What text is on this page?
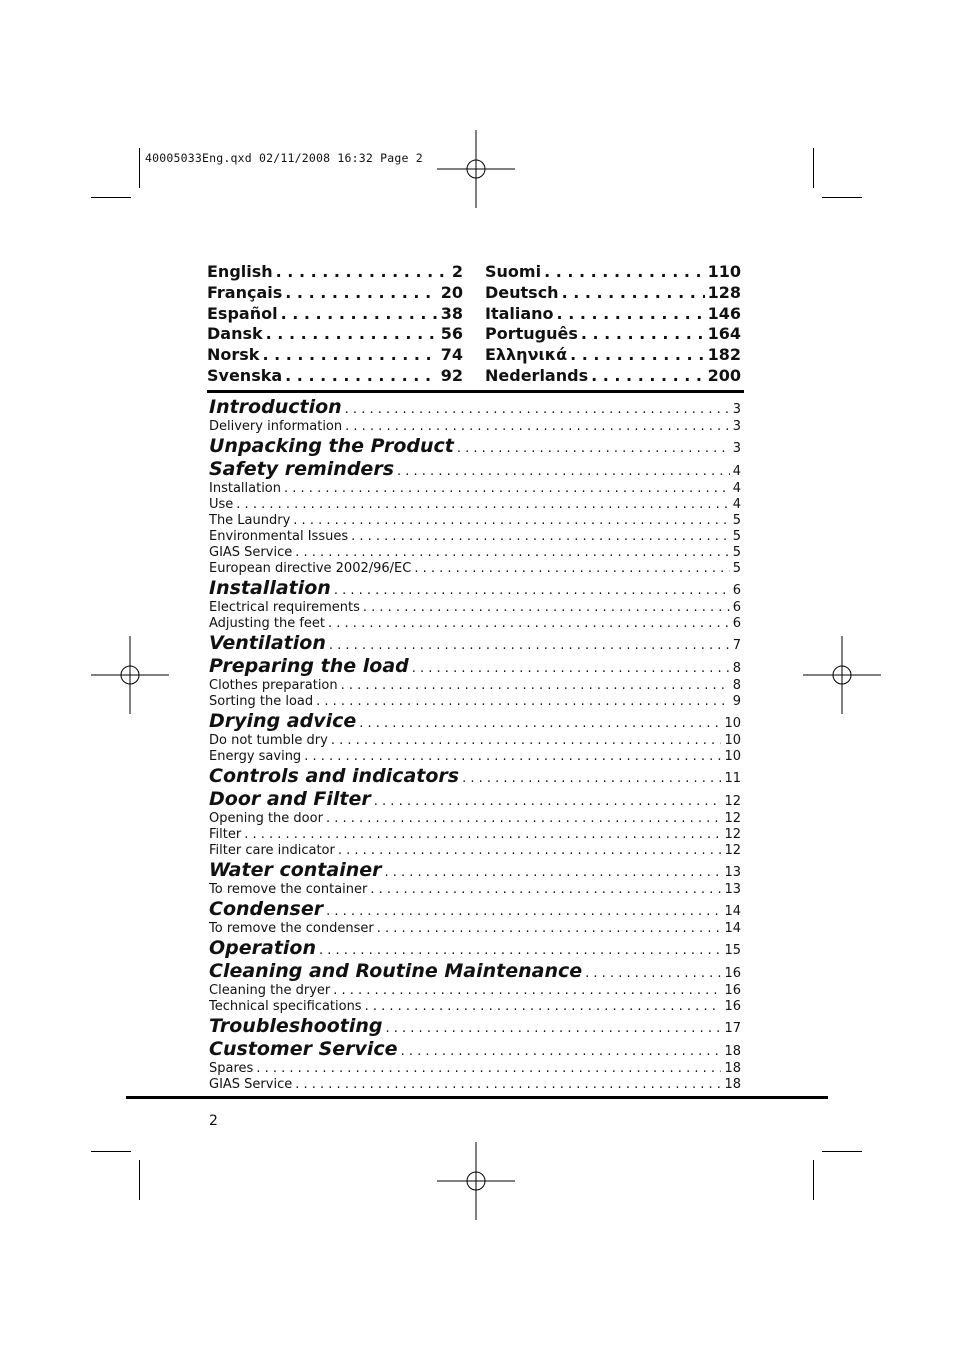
40005033Eng.qxd 02/11/2008 16:32 Page 2
English . . .	2
Français . . .	20
Español . . .	38
Dansk . . .	56
Norsk . . .	74
Svenska . . .	92
Suomi . . .	110
Deutsch . . .	128
Italiano . . .	146
Português . . .	164
Ελληνικά . . .	182
Nederlands . . .	200
Introduction . . .	3
Delivery information . . .	3
Unpacking the Product . . .	3
Safety reminders . . .	4
Installation . . .	4
Use . . .	4
The Laundry . . .	5
Environmental Issues . . .	5
GIAS Service . . .	5
European directive 2002/96/EC . . .	5
Installation . . .	6
Electrical requirements . . .	6
Adjusting the feet . . .	6
Ventilation . . .	7
Preparing the load . . .	8
Clothes preparation . . .	8
Sorting the load . . .	9
Drying advice . . .	10
Do not tumble dry . . .	10
Energy saving . . .	10
Controls and indicators . . .	11
Door and Filter . . .	12
Opening the door . . .	12
Filter . . .	12
Filter care indicator . . .	12
Water container . . .	13
To remove the container . . .	13
Condenser . . .	14
To remove the condenser . . .	14
Operation . . .	15
Cleaning and Routine Maintenance . . .	16
Cleaning the dryer . . .	16
Technical specifications . . .	16
Troubleshooting . . .	17
Customer Service . . .	18
Spares . . .	18
GIAS Service . . .	18
2
